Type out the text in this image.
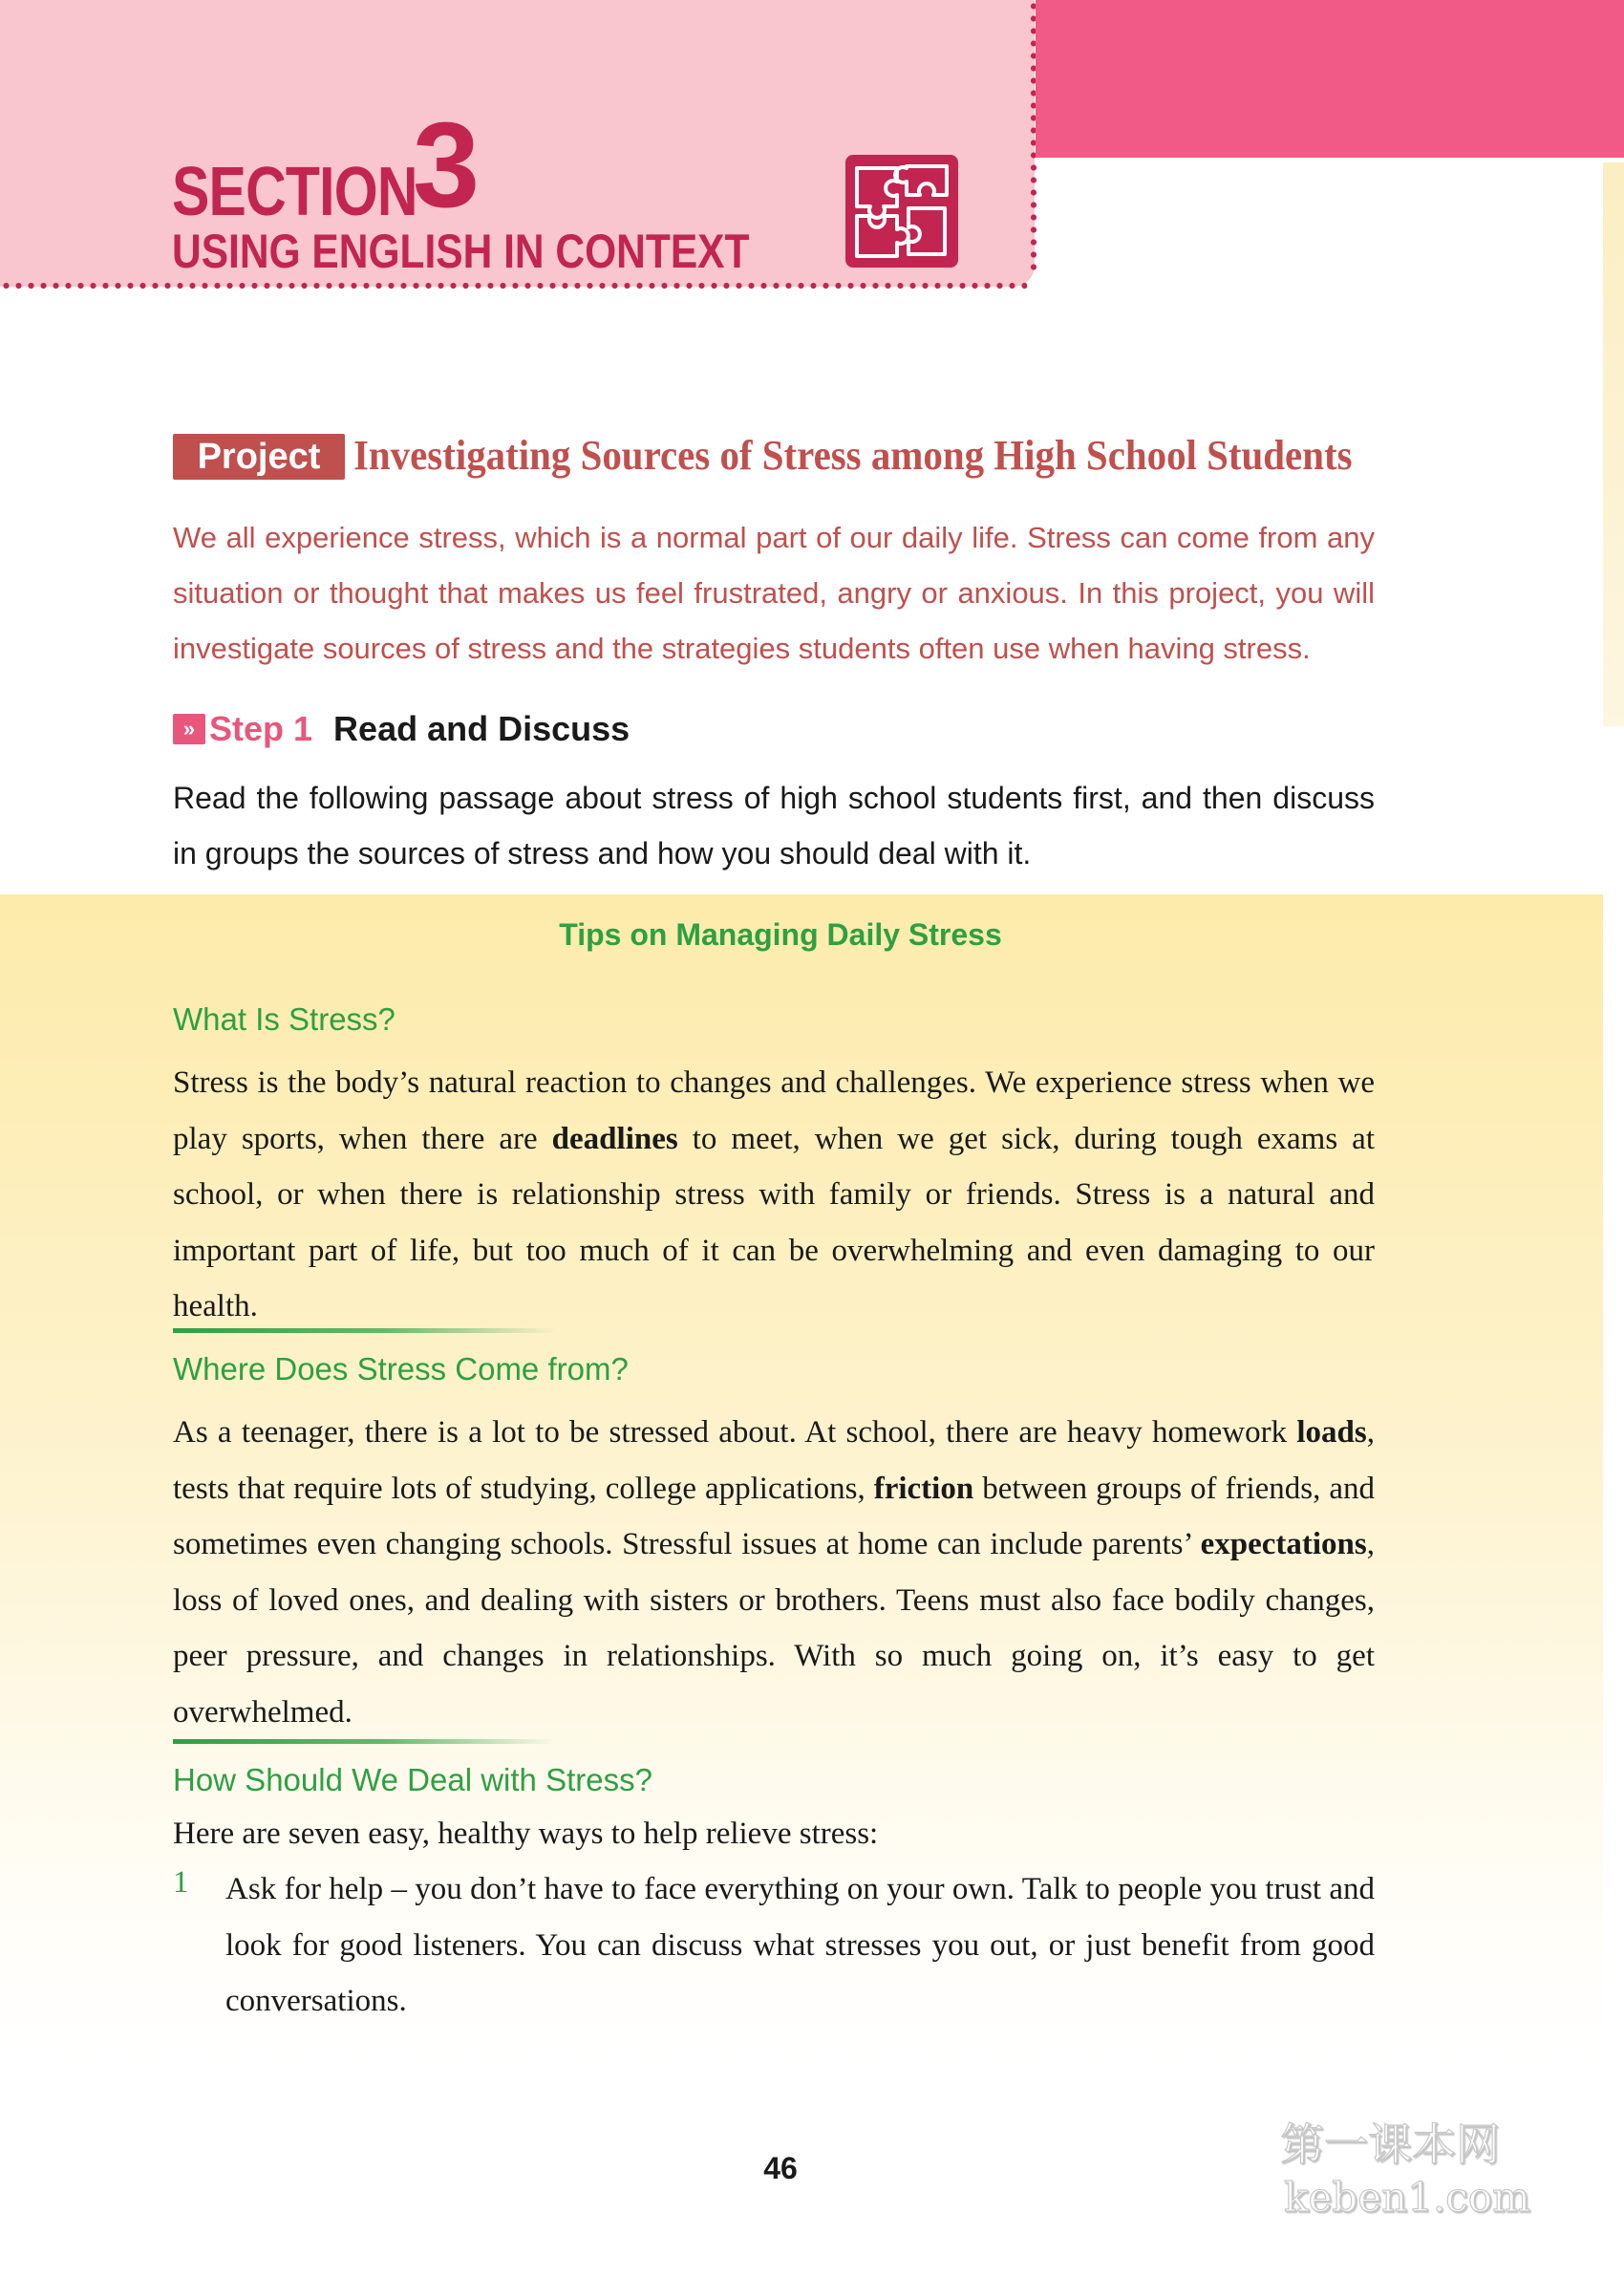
SECTION
3
USING ENGLISH IN CONTEXT
Project Investigating Sources of Stress among High School Students

We all experience stress, which is a normal part of our daily life. Stress can come from any situation or thought that makes us feel frustrated, angry or anxious. In this project, you will investigate sources of stress and the strategies students often use when having stress.

» Step 1 Read and Discuss

Read the following passage about stress of high school students first, and then discuss in groups the sources of stress and how you should deal with it.

Tips on Managing Daily Stress
What Is Stress?

Stress is the body’s natural reaction to changes and challenges. We experience stress when we play sports, when there are deadlines to meet, when we get sick, during tough exams at school, or when there is relationship stress with family or friends. Stress is a natural and important part of life, but too much of it can be overwhelming and even damaging to our health.

Where Does Stress Come from?

As a teenager, there is a lot to be stressed about. At school, there are heavy homework loads, tests that require lots of studying, college applications, friction between groups of friends, and sometimes even changing schools. Stressful issues at home can include parents’ expectations, loss of loved ones, and dealing with sisters or brothers. Teens must also face bodily changes, peer pressure, and changes in relationships. With so much going on, it’s easy to get overwhelmed.

How Should We Deal with Stress?

Here are seven easy, healthy ways to help relieve stress:

1 Ask for help – you don’t have to face everything on your own. Talk to people you trust and look for good listeners. You can discuss what stresses you out, or just benefit from good conversations.

46	第一课本网
keben1.com
